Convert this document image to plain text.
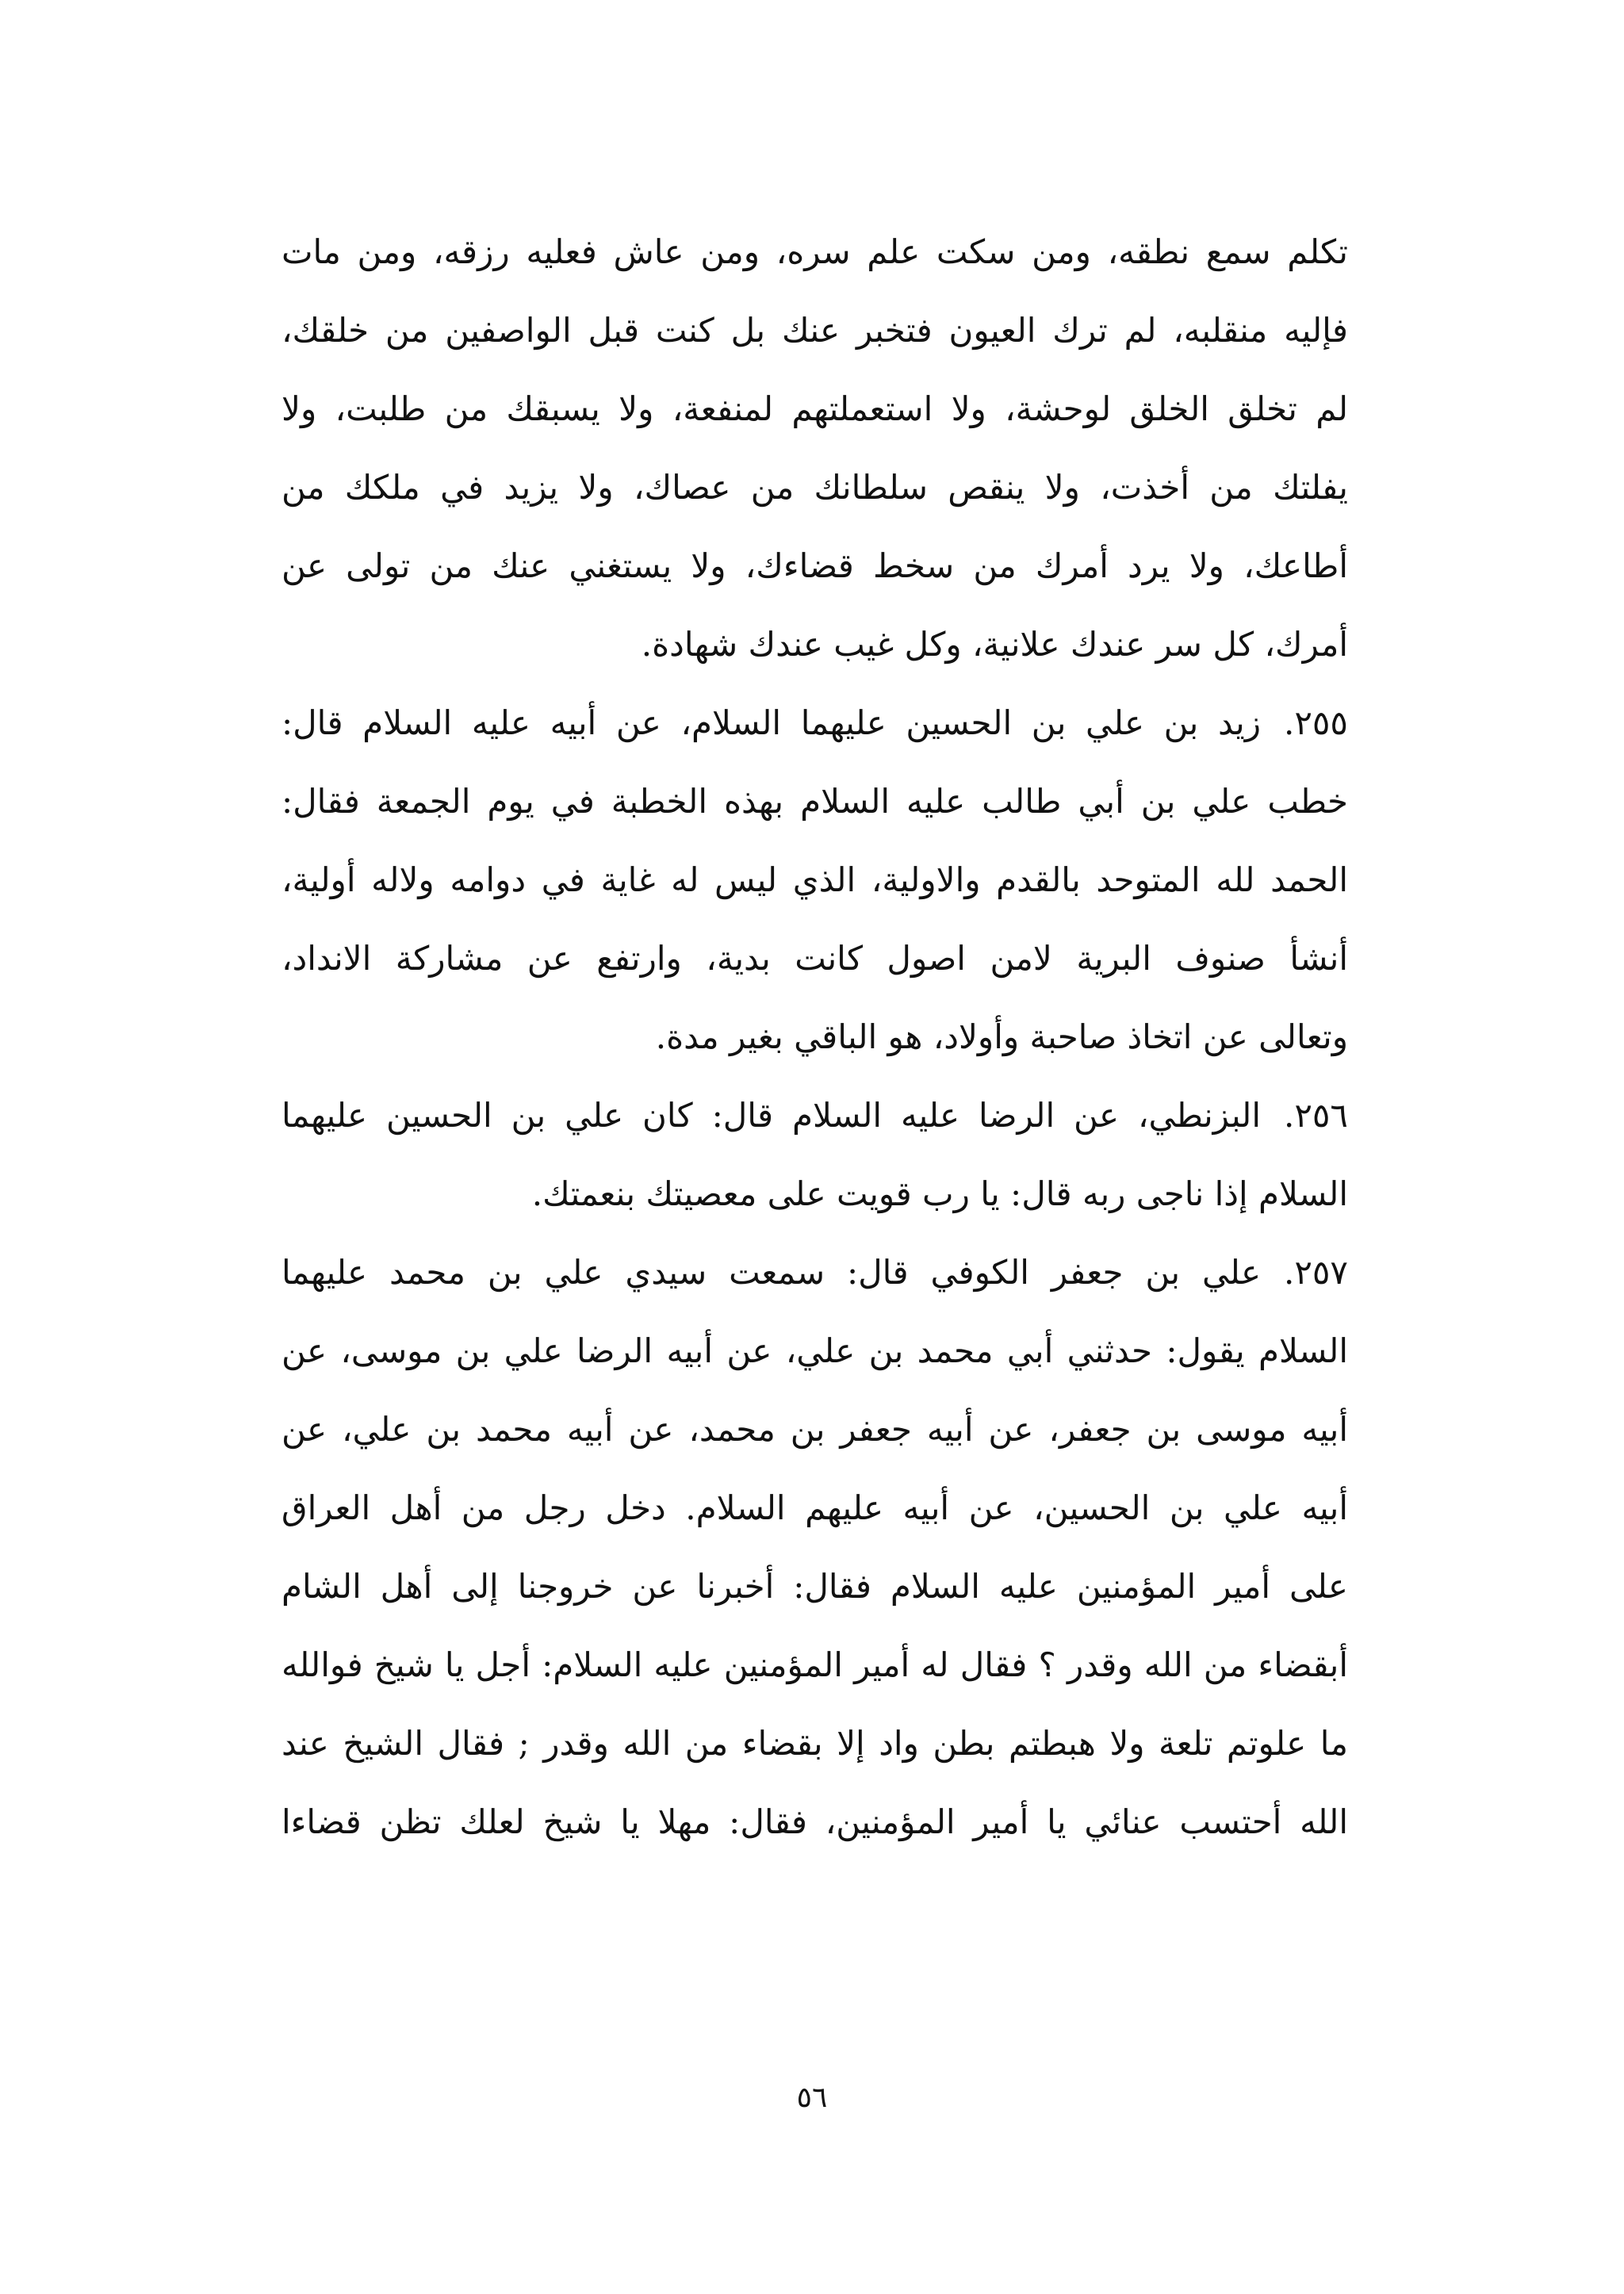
تكلم سمع نطقه، ومن سكت علم سره، ومن عاش فعليه رزقه، ومن مات
فإليه منقلبه، لم ترك العيون فتخبر عنك بل كنت قبل الواصفين من خلقك،
لم تخلق الخلق لوحشة، ولا استعملتهم لمنفعة، ولا يسبقك من طلبت، ولا
يفلتك من أخذت، ولا ينقص سلطانك من عصاك، ولا يزيد في ملكك من
أطاعك، ولا يرد أمرك من سخط قضاءك، ولا يستغني عنك من تولى عن
أمرك، كل سر عندك علانية، وكل غيب عندك شهادة.
٢٥٥.
زيد بن علي بن الحسين عليهما السلام، عن أبيه عليه السلام قال:
خطب علي بن أبي طالب عليه السلام بهذه الخطبة في يوم الجمعة فقال:
الحمد لله المتوحد بالقدم والاولية، الذي ليس له غاية في دوامه ولاله أولية،
أنشأ صنوف البرية لامن اصول كانت بدية، وارتفع عن مشاركة الانداد،
وتعالى عن اتخاذ صاحبة وأولاد، هو الباقي بغير مدة.
٢٥٦.
البزنطي، عن الرضا عليه السلام قال: كان علي بن الحسين عليهما
السلام إذا ناجى ربه قال: يا رب قويت على معصيتك بنعمتك.
٢٥٧.
علي بن جعفر الكوفي قال: سمعت سيدي علي بن محمد عليهما
السلام يقول: حدثني أبي محمد بن علي، عن أبيه الرضا علي بن موسى، عن
أبيه موسى بن جعفر، عن أبيه جعفر بن محمد، عن أبيه محمد بن علي، عن
أبيه علي بن الحسين، عن أبيه عليهم السلام. دخل رجل من أهل العراق
على أمير المؤمنين عليه السلام فقال: أخبرنا عن خروجنا إلى أهل الشام
أبقضاء من الله وقدر ؟ فقال له أمير المؤمنين عليه السلام: أجل يا شيخ فوالله
ما علوتم تلعة ولا هبطتم بطن واد إلا بقضاء من الله وقدر ; فقال الشيخ عند
الله أحتسب عنائي يا أمير المؤمنين، فقال: مهلا يا شيخ لعلك تظن قضاءا
٥٦
